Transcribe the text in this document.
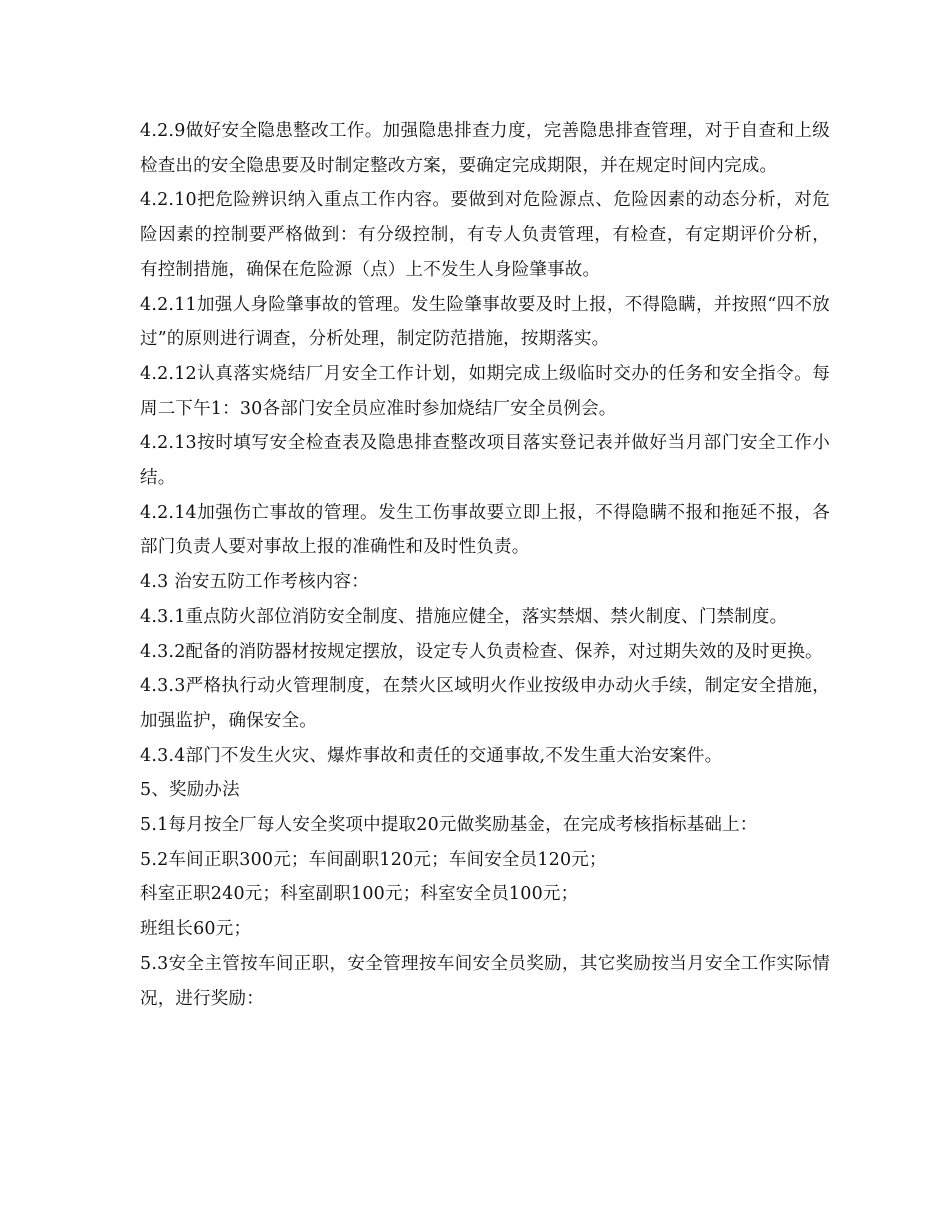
4.2.9做好安全隐患整改工作。加强隐患排查力度，完善隐患排查管理，对于自查和上级检查出的安全隐患要及时制定整改方案，要确定完成期限，并在规定时间内完成。

4.2.10把危险辨识纳入重点工作内容。要做到对危险源点、危险因素的动态分析，对危险因素的控制要严格做到：有分级控制，有专人负责管理，有检查，有定期评价分析，有控制措施，确保在危险源（点）上不发生人身险肇事故。

4.2.11加强人身险肇事故的管理。发生险肇事故要及时上报，不得隐瞒，并按照“四不放过”的原则进行调查，分析处理，制定防范措施，按期落实。

4.2.12认真落实烧结厂月安全工作计划，如期完成上级临时交办的任务和安全指令。每周二下午1：30各部门安全员应准时参加烧结厂安全员例会。

4.2.13按时填写安全检查表及隐患排查整改项目落实登记表并做好当月部门安全工作小结。

4.2.14加强伤亡事故的管理。发生工伤事故要立即上报，不得隐瞒不报和拖延不报，各部门负责人要对事故上报的准确性和及时性负责。

4.3 治安五防工作考核内容：

4.3.1重点防火部位消防安全制度、措施应健全，落实禁烟、禁火制度、门禁制度。

4.3.2配备的消防器材按规定摆放，设定专人负责检查、保养，对过期失效的及时更换。

4.3.3严格执行动火管理制度，在禁火区域明火作业按级申办动火手续，制定安全措施，加强监护，确保安全。

4.3.4部门不发生火灾、爆炸事故和责任的交通事故,不发生重大治安案件。

5、奖励办法

5.1每月按全厂每人安全奖项中提取20元做奖励基金，在完成考核指标基础上：

5.2车间正职300元；车间副职120元；车间安全员120元；

科室正职240元；科室副职100元；科室安全员100元；

班组长60元；

5.3安全主管按车间正职，安全管理按车间安全员奖励，其它奖励按当月安全工作实际情况，进行奖励：
